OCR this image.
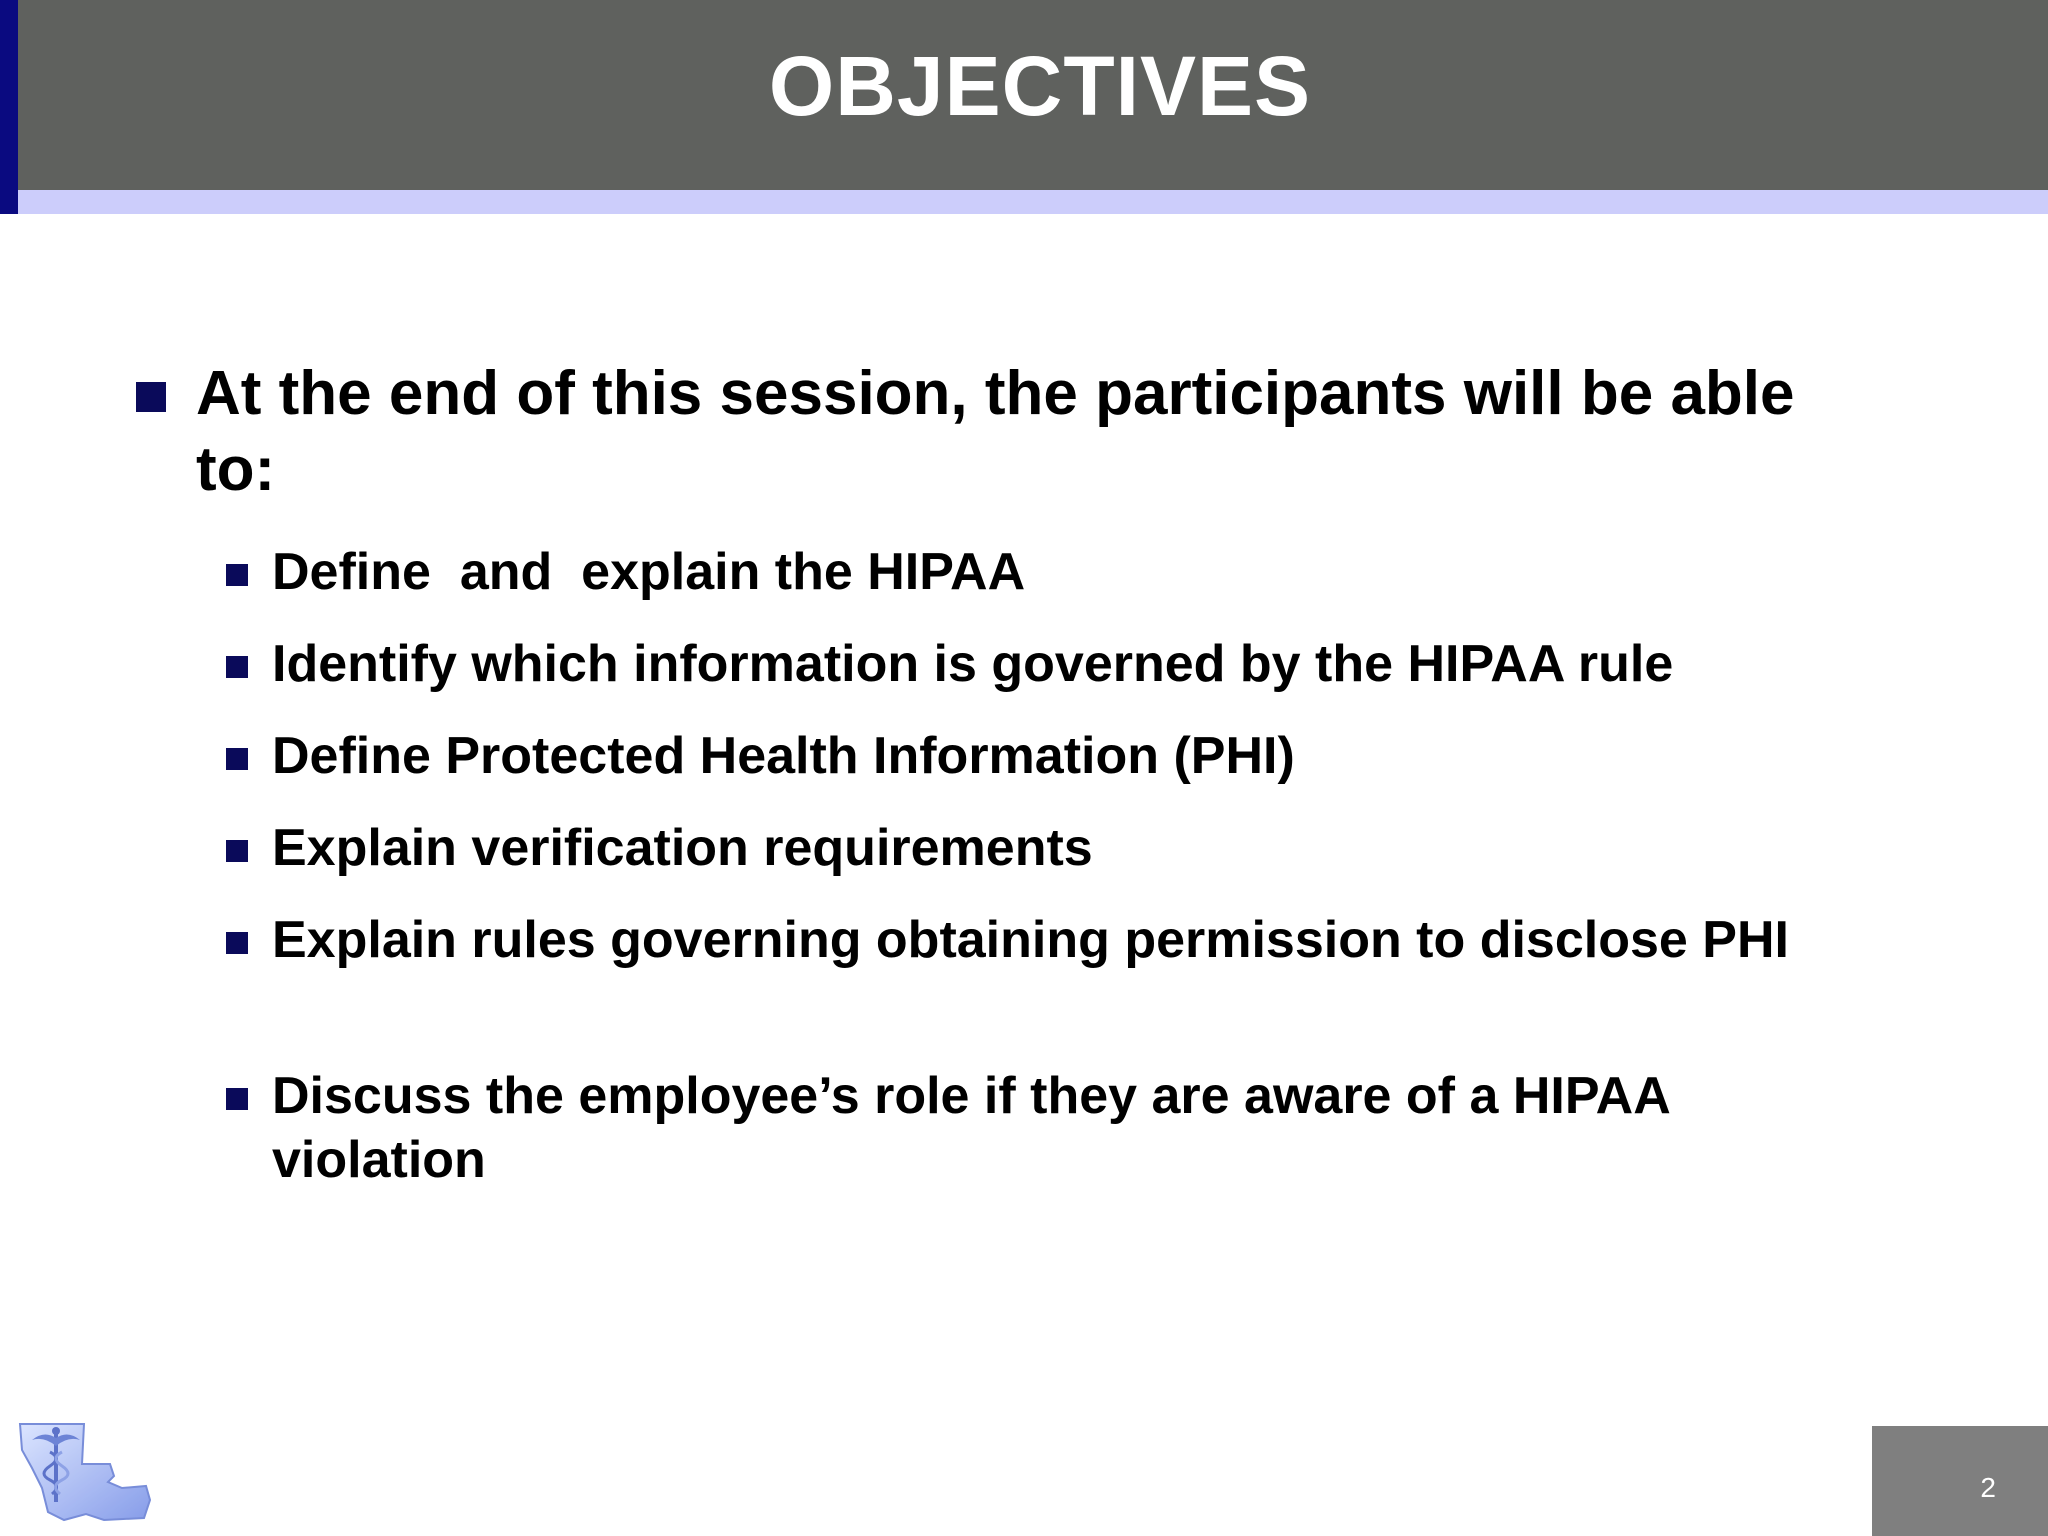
OBJECTIVES
At the end of this session, the participants will be able to:
Define  and  explain the HIPAA
Identify which information is governed by the HIPAA rule
Define Protected Health Information (PHI)
Explain verification requirements
Explain rules governing obtaining permission to disclose PHI
Discuss the employee’s role if they are aware of a HIPAA violation
2
